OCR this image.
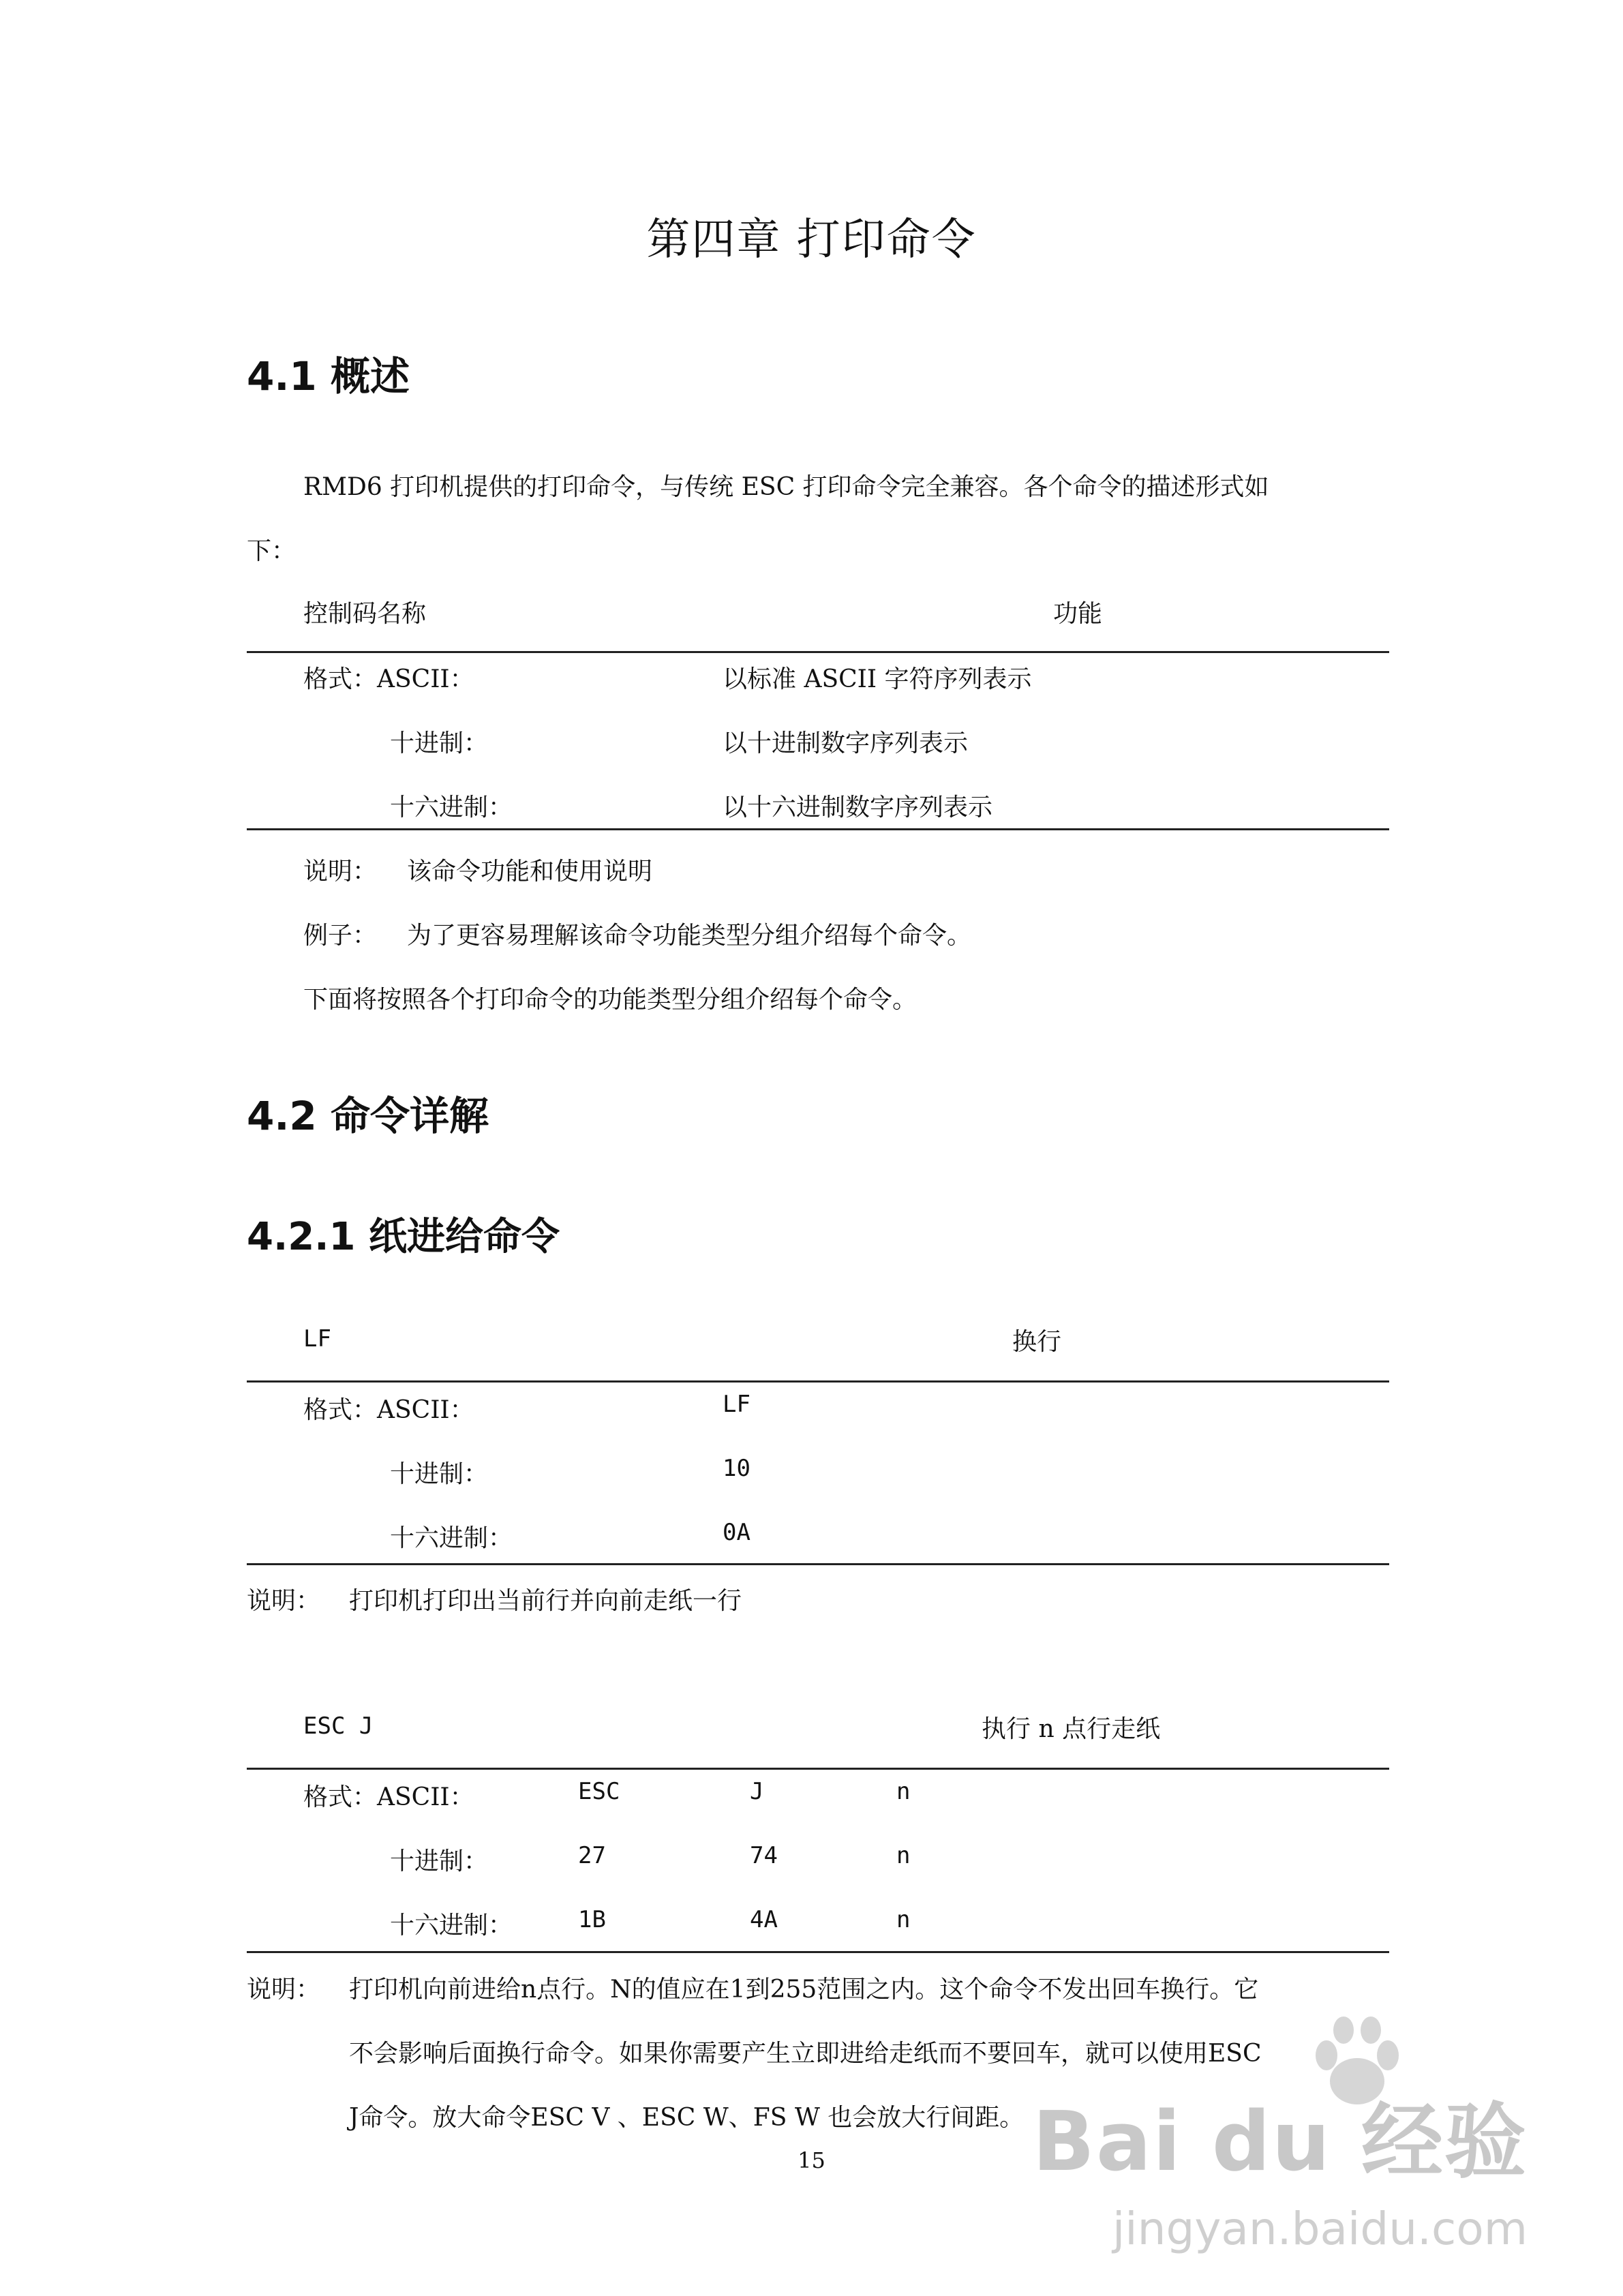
第四章 打印命令
4.1 概述
RMD6 打印机提供的打印命令，与传统 ESC 打印命令完全兼容。各个命令的描述形式如
下：
控制码名称	功能
格式：ASCII：	以标准 ASCII 字符序列表示
十进制：	以十进制数字序列表示
十六进制：	以十六进制数字序列表示
说明： 该命令功能和使用说明
例子： 为了更容易理解该命令功能类型分组介绍每个命令。
下面将按照各个打印命令的功能类型分组介绍每个命令。
4.2 命令详解
4.2.1 纸进给命令
LF	换行
格式：ASCII：	LF
十进制：	10
十六进制：	0A
说明： 打印机打印出当前行并向前走纸一行
ESC J	执行 n 点行走纸
格式：ASCII：	ESC	J	n
十进制：	27	74	n
十六进制：	1B	4A	n
说明： 打印机向前进给n点行。N的值应在1到255范围之内。这个命令不发出回车换行。它
不会影响后面换行命令。如果你需要产生立即进给走纸而不要回车，就可以使用ESC
J命令。放大命令ESC V 、ESC W、FS W 也会放大行间距。
15	Bai du 经验
jingyan.baidu.com
